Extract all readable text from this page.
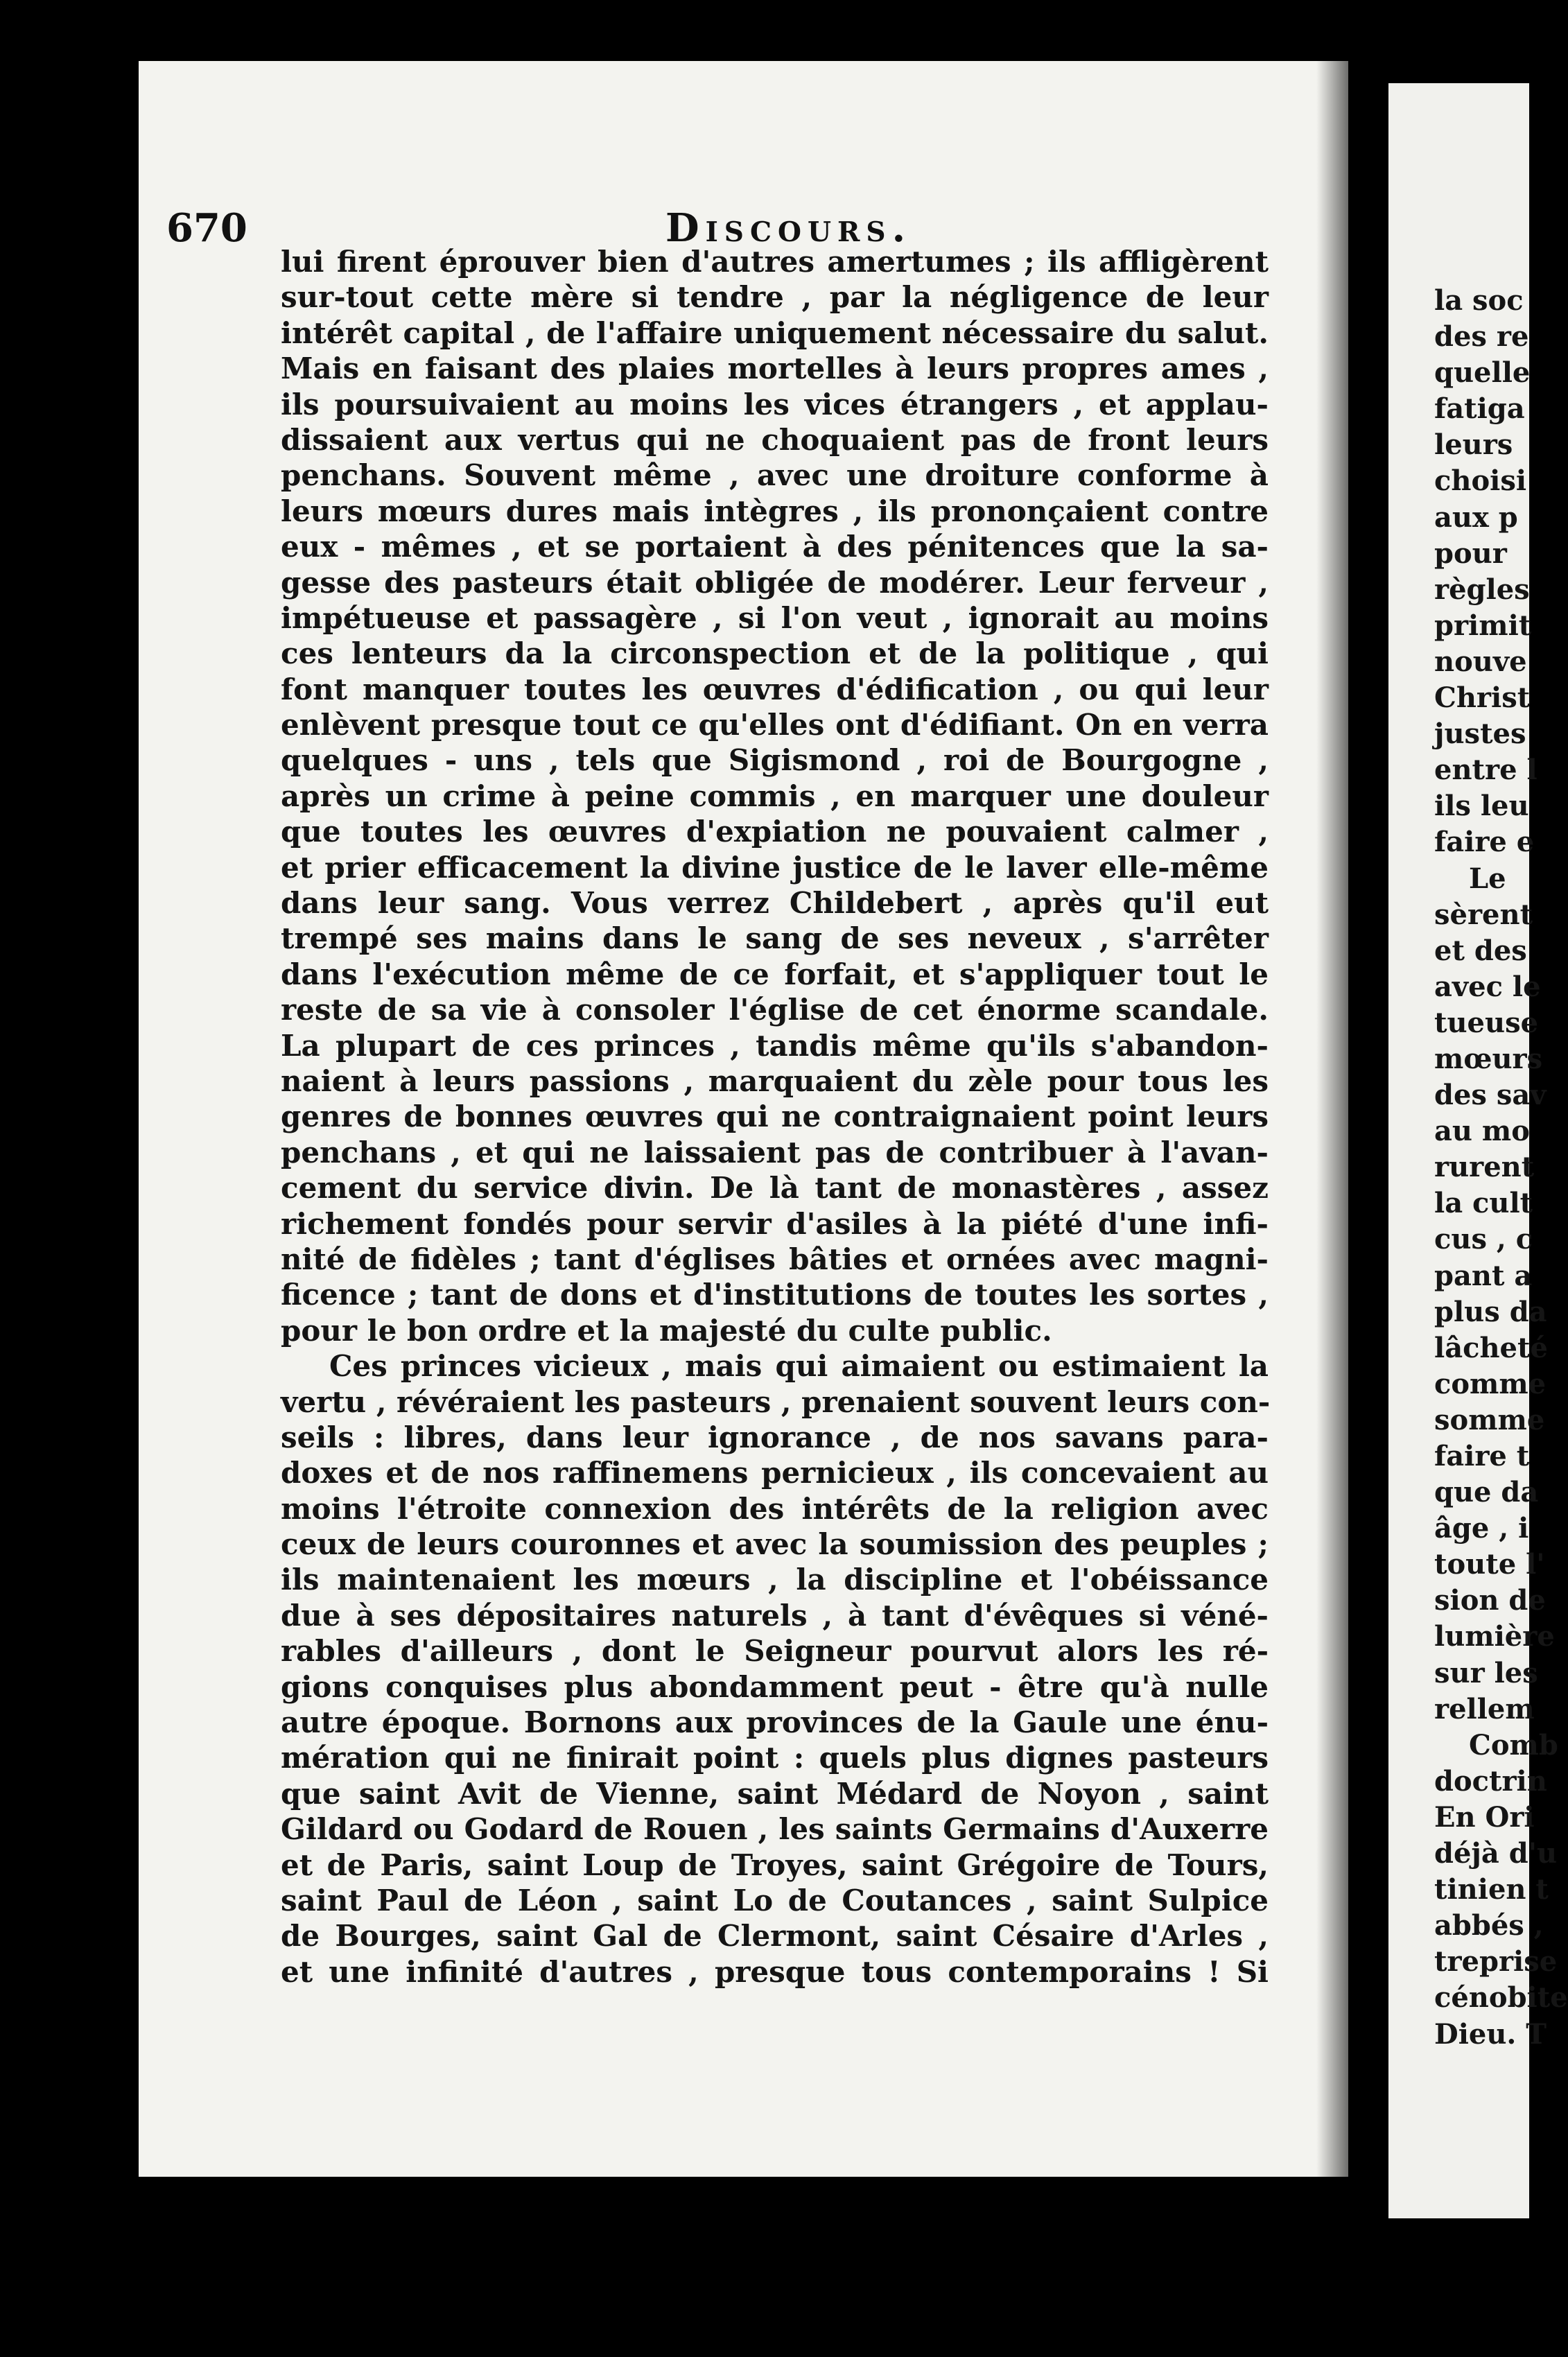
670	Discours.
lui firent éprouver bien d'autres amertumes ; ils affligèrent
sur-tout cette mère si tendre , par la négligence de leur
intérêt capital , de l'affaire uniquement nécessaire du salut.
Mais en faisant des plaies mortelles à leurs propres ames ,
ils poursuivaient au moins les vices étrangers , et applau-
dissaient aux vertus qui ne choquaient pas de front leurs
penchans. Souvent même , avec une droiture conforme à
leurs mœurs dures mais intègres , ils prononçaient contre
eux - mêmes , et se portaient à des pénitences que la sa-
gesse des pasteurs était obligée de modérer. Leur ferveur ,
impétueuse et passagère , si l'on veut , ignorait au moins
ces lenteurs da la circonspection et de la politique , qui
font manquer toutes les œuvres d'édification , ou qui leur
enlèvent presque tout ce qu'elles ont d'édifiant. On en verra
quelques - uns , tels que Sigismond , roi de Bourgogne ,
après un crime à peine commis , en marquer une douleur
que toutes les œuvres d'expiation ne pouvaient calmer ,
et prier efficacement la divine justice de le laver elle-même
dans leur sang. Vous verrez Childebert , après qu'il eut
trempé ses mains dans le sang de ses neveux , s'arrêter
dans l'exécution même de ce forfait, et s'appliquer tout le
reste de sa vie à consoler l'église de cet énorme scandale.
La plupart de ces princes , tandis même qu'ils s'abandon-
naient à leurs passions , marquaient du zèle pour tous les
genres de bonnes œuvres qui ne contraignaient point leurs
penchans , et qui ne laissaient pas de contribuer à l'avan-
cement du service divin. De là tant de monastères , assez
richement fondés pour servir d'asiles à la piété d'une infi-
nité de fidèles ; tant d'églises bâties et ornées avec magni-
ficence ; tant de dons et d'institutions de toutes les sortes ,
pour le bon ordre et la majesté du culte public.
Ces princes vicieux , mais qui aimaient ou estimaient la
vertu , révéraient les pasteurs , prenaient souvent leurs con-
seils : libres, dans leur ignorance , de nos savans para-
doxes et de nos raffinemens pernicieux , ils concevaient au
moins l'étroite connexion des intérêts de la religion avec
ceux de leurs couronnes et avec la soumission des peuples ;
ils maintenaient les mœurs , la discipline et l'obéissance
due à ses dépositaires naturels , à tant d'évêques si véné-
rables d'ailleurs , dont le Seigneur pourvut alors les ré-
gions conquises plus abondamment peut - être qu'à nulle
autre époque. Bornons aux provinces de la Gaule une énu-
mération qui ne finirait point : quels plus dignes pasteurs
que saint Avit de Vienne, saint Médard de Noyon , saint
Gildard ou Godard de Rouen , les saints Germains d'Auxerre
et de Paris, saint Loup de Troyes, saint Grégoire de Tours,
saint Paul de Léon , saint Lo de Coutances , saint Sulpice
de Bourges, saint Gal de Clermont, saint Césaire d'Arles ,
et une infinité d'autres , presque tous contemporains ! Si
la soc
des re
quelle
fatiga
leurs
choisi
aux p
pour
règles
primit
nouve
Christ
justes
entre l
ils leu
faire e
Le
sèrent
et des
avec le
tueuse
mœurs
des sav
au mo
rurent
la cult
cus , c
pant a
plus da
lâcheté
comme
somme
faire t
que da
âge , i
toute l'
sion de
lumière
sur les
rellem
Comb
doctrin
En Ori
déjà d'u
tinien t
abbés ,
treprise
cénobite
Dieu. T
